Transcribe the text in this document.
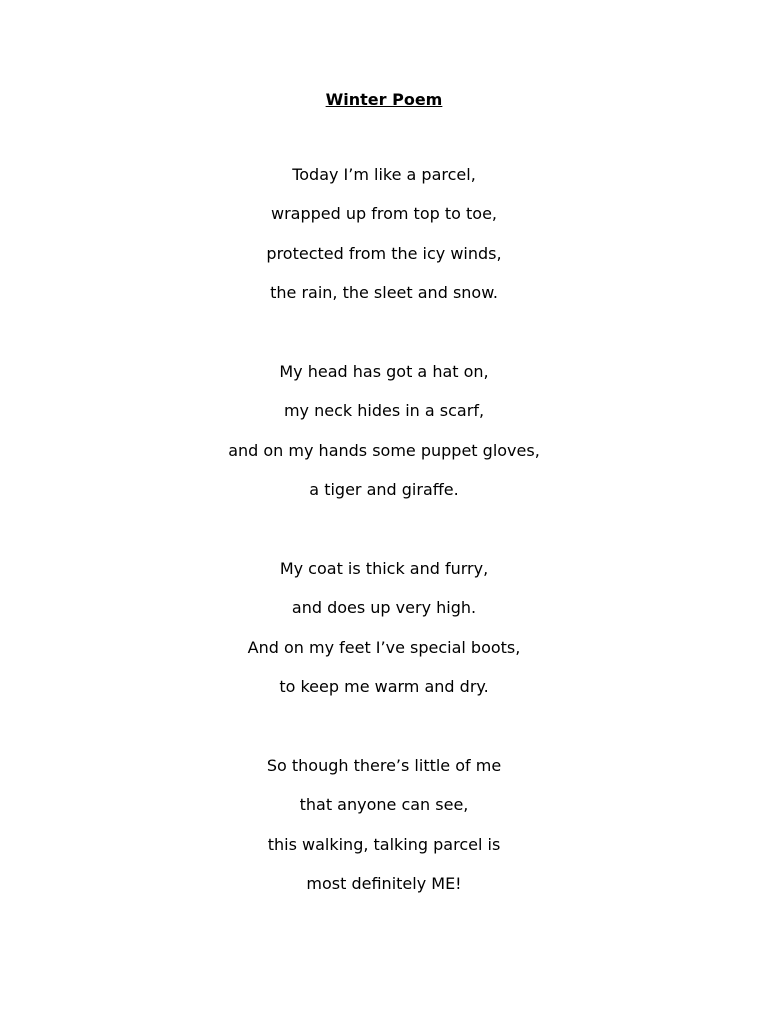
Winter Poem
Today I’m like a parcel,
wrapped up from top to toe,
protected from the icy winds,
the rain, the sleet and snow.
My head has got a hat on,
my neck hides in a scarf,
and on my hands some puppet gloves,
a tiger and giraffe.
My coat is thick and furry,
and does up very high.
And on my feet I’ve special boots,
to keep me warm and dry.
So though there’s little of me
that anyone can see,
this walking, talking parcel is
most definitely ME!
